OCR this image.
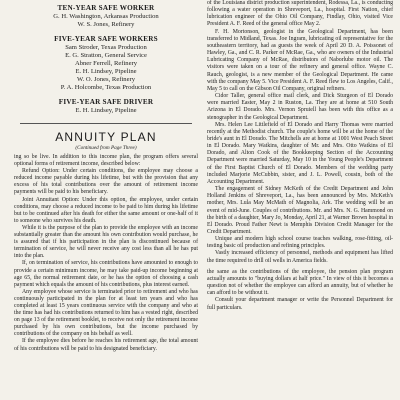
TEN-YEAR SAFE WORKER

G. H. Washington, Arkansas Production

W. S. Jones, Refinery

FIVE-YEAR SAFE WORKERS

Sam Stroder, Texas Production

E. G. Stratton, General Service

Abner Ferrell, Refinery

E. H. Lindsey, Pipeline

W. O. Jones, Refinery

P. A. Holcombe, Texas Production

FIVE-YEAR SAFE DRIVER

E. H. Lindsey, Pipeline

ANNUITY PLAN

(Continued from Page Three)

ing so be live. In addition to this income plan, the program offers several optional forms of retirement income, described below:

Refund Option: Under certain conditions, the employee may choose a reduced income payable during his lifetime, but with the provision that any excess of his total contributions over the amount of retirement income payments will be paid to his beneficiary.

Joint Annuitant Option: Under this option, the employee, under certain conditions, may choose a reduced income to be paid to him during his lifetime but to be continued after his death for either the same amount or one-half of it to someone who survives his death.

While it is the purpose of the plan to provide the employee with an income substantially greater than the amount his own contribution would purchase, he is assured that if his participation in the plan is discontinued because of termination of service, he will never receive any cost less than all he has put into the plan.

If, on termination of service, his contributions have amounted to enough to provide a certain minimum income, he may take paid-up income beginning at age 65, the normal retirement date, or he has the option of choosing a cash payment which equals the amount of his contributions, plus interest earned.

Any employee whose service is terminated prior to retirement and who has continuously participated in the plan for at least ten years and who has completed at least 15 years continuous service with the company and who at the time has had his contributions returned to him has a vested right, described on page 13 of the retirement booklet, to receive not only the retirement income purchased by his own contributions, but the income purchased by contributions of the company on his behalf as well.

If the employee dies before he reaches his retirement age, the total amount of his contributions will be paid to his designated beneficiary.

of the Louisiana district production superintendent, Rodessa, La., is conducting following a water operation in Shreveport, La., hospital. First Nation, chief lubrication engineer of the Ohio Oil Company, Findlay, Ohio, visited Vice President A. F. Reed of the general office May 2.

F. H. Mortonson, geologist in the Geological Department, has been transferred to Midland, Texas. Joe Ingram, lubricating oil representative for the southeastern territory, had as guests the week of April 20 D. A. Poissonet of Hawley, Ga., and C. R. Parker of McRae, Ga., who are owners of the Industrial Lubricating Company of McRae, distributors of Naborlube motor oil. The visitors were taken on a tour of the refinery and general office. Wayne C. Rauch, geologist, is a new member of the Geological Department. He came with the company May 5. Vice President A. F. Reed flew to Los Angeles, Calif., May 5 to call on the Gibson Oil Company, original refiners.

Cidor Taller, general office mail clerk, and Dick Sturgeon of El Dorado were married Easter, May 2 in Ruston, La. They are at home at 510 South Arizona in El Dorado. Mrs. Vernon Spruiell has been with this office as a stenographer in the Geological Department.

Mrs. Helen Lee Littlefield of El Dorado and Harry Thomas were married recently at the Methodist church. The couple's home will be at the home of the bride's aunt in El Dorado. The Mitchells are at home at 1001 West Peach Street in El Dorado. Mary Watkins, daughter of Mr. and Mrs. Otto Watkins of El Dorado, and Alton Cook of the Bookkeeping Section of the Accounting Department were married Saturday, May 10 in the Young People's Department of the First Baptist Church of El Dorado. Members of the wedding party included Marjorie McCubbin, sister, and J. L. Powell, cousin, both of the Accounting Department.

The engagement of Sidney McKeth of the Credit Department and John Holland Jenkins of Shreveport, La., has been announced by Mrs. McKeth's mother, Mrs. Lula May McMath of Magnolia, Ark. The wedding will be an event of mid-June. Couples of contributions. Mr. and Mrs. N. G. Hammond on the birth of a daughter, Mary Jo, Monday, April 21, at Warner Brown hospital in El Dorado. Proud Father Newt is Memphis Division Credit Manager for the Credit Department.

Unique and modern high school course teaches walking, rose-fitting, oil-testing basic oil production and refining principles.

Vastly increased efficiency of personnel, methods and equipment has lifted the time required to drill oil wells in America fields.

the same as the contributions of the employee, the pension plan program actually amounts to "buying dollars at half price." In view of this it becomes a question not of whether the employee can afford an annuity, but of whether he can afford to be without it.

Consult your department manager or write the Personnel Department for full particulars.
